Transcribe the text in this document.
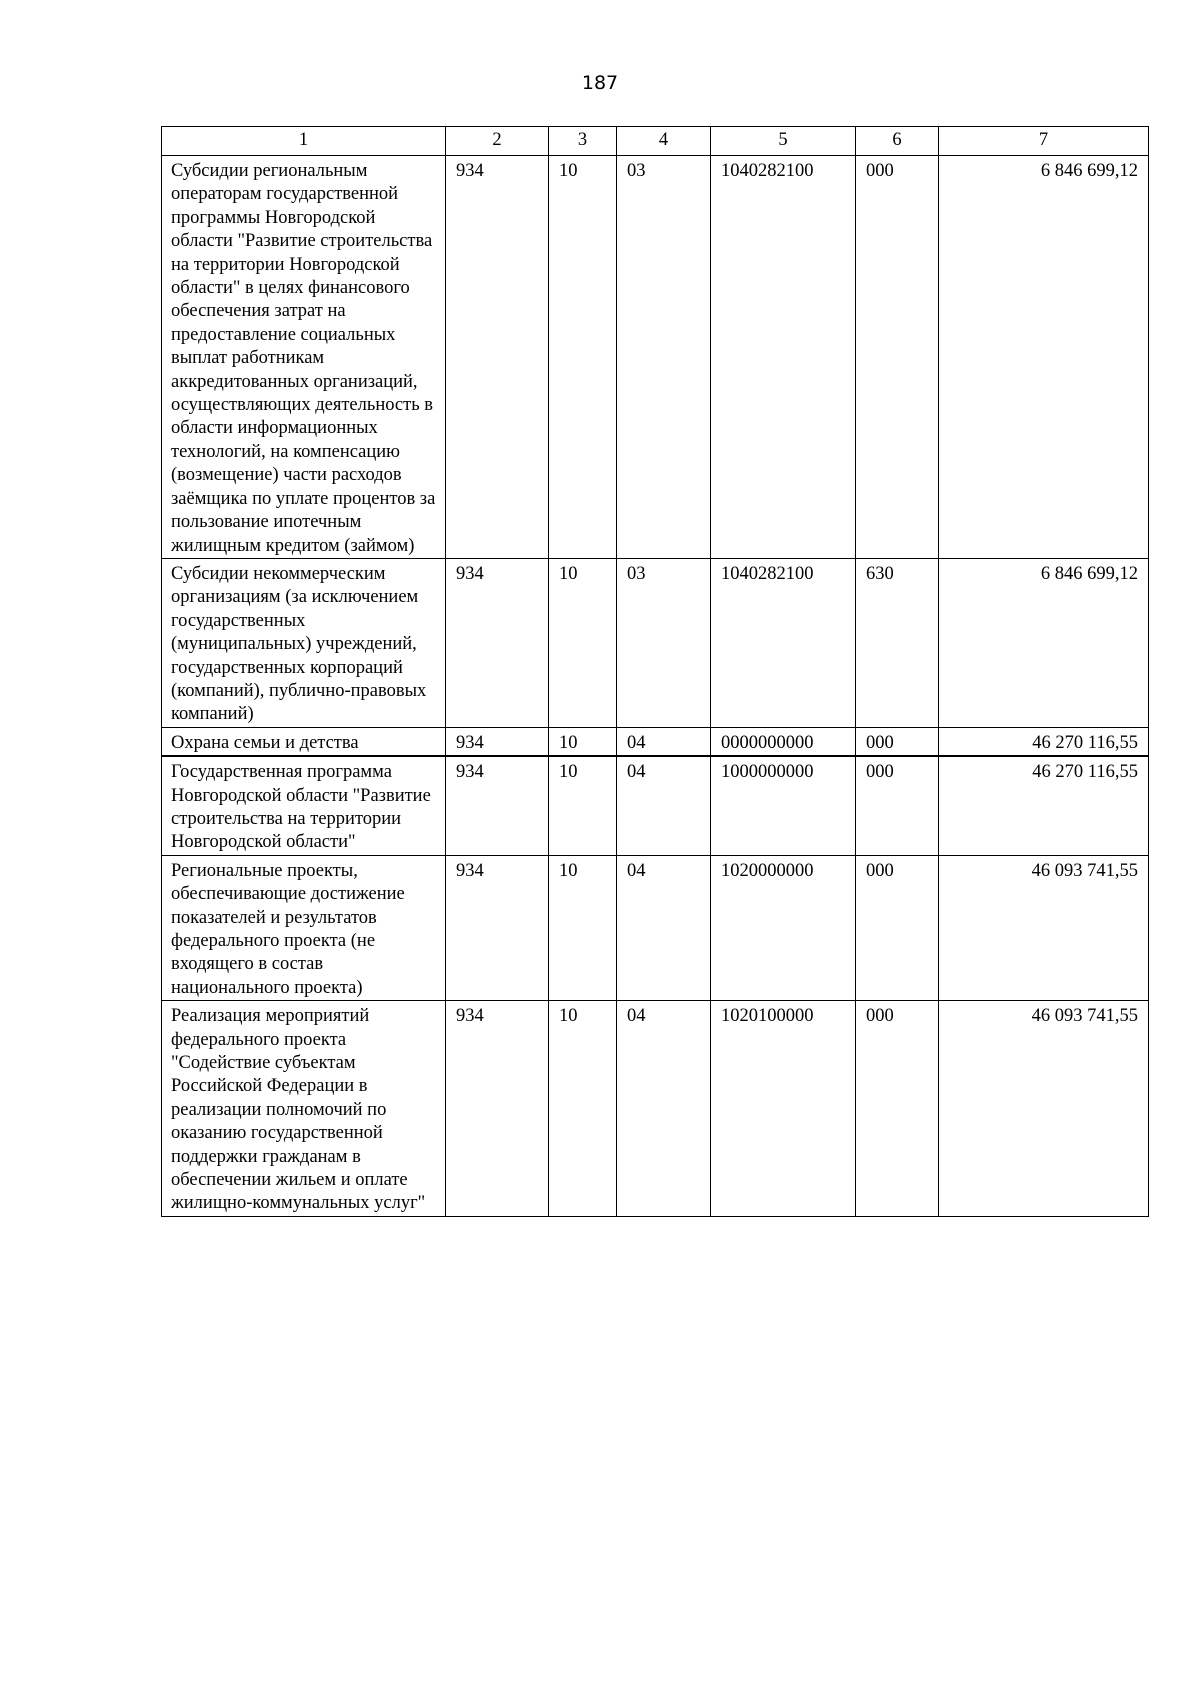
187
1	2	3	4	5	6	7
Субсидии региональным операторам государственной программы Новгородской области "Развитие строительства на территории Новгородской области" в целях финансового обеспечения затрат на предоставление социальных выплат работникам аккредитованных организаций, осуществляющих деятельность в области информационных технологий, на компенсацию (возмещение) части расходов заёмщика по уплате процентов за пользование ипотечным жилищным кредитом (займом)	934	10	03	1040282100	000	6 846 699,12
Субсидии некоммерческим организациям (за исключением государственных (муниципальных) учреждений, государственных корпораций (компаний), публично-правовых компаний)	934	10	03	1040282100	630	6 846 699,12
Охрана семьи и детства	934	10	04	0000000000	000	46 270 116,55
Государственная программа Новгородской области "Развитие строительства на территории Новгородской области"	934	10	04	1000000000	000	46 270 116,55
Региональные проекты, обеспечивающие достижение показателей и результатов федерального проекта (не входящего в состав национального проекта)	934	10	04	1020000000	000	46 093 741,55
Реализация мероприятий федерального проекта "Содействие субъектам Российской Федерации в реализации полномочий по оказанию государственной поддержки гражданам в обеспечении жильем и оплате жилищно-коммунальных услуг"	934	10	04	1020100000	000	46 093 741,55
